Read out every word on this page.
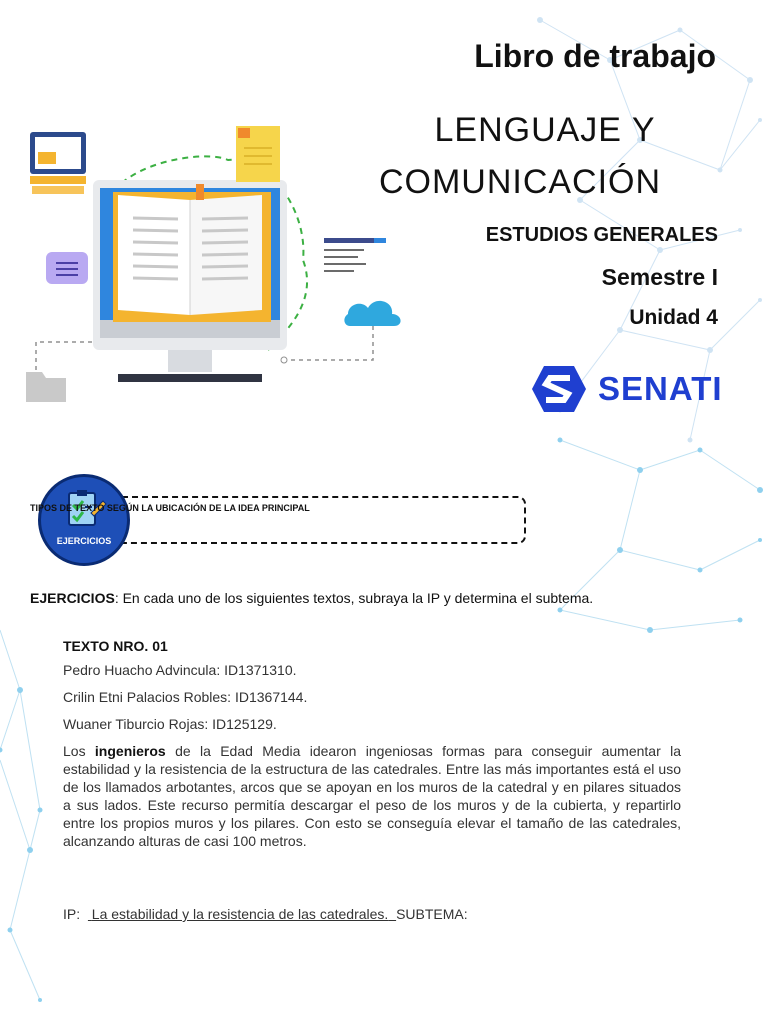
Libro de trabajo
LENGUAJE Y
COMUNICACIÓN
ESTUDIOS GENERALES
Semestre I
Unidad 4
SENATI
EJERCICIOS
TIPOS DE TEXTO SEGÚN LA UBICACIÓN DE LA IDEA PRINCIPAL
EJERCICIOS: En cada uno de los siguientes textos, subraya la IP y determina el subtema.
TEXTO NRO. 01
Pedro Huacho Advincula: ID1371310.
Crilin Etni Palacios Robles: ID1367144.
Wuaner Tiburcio Rojas: ID125129.
Los ingenieros de la Edad Media idearon ingeniosas formas para conseguir aumentar la estabilidad y la resistencia de la estructura de las catedrales. Entre las más importantes está el uso de los llamados arbotantes, arcos que se apoyan en los muros de la catedral y en pilares situados a sus lados. Este recurso permitía descargar el peso de los muros y de la cubierta, y repartirlo entre los propios muros y los pilares. Con esto se conseguía elevar el tamaño de las catedrales, alcanzando alturas de casi 100 metros.
IP: La estabilidad y la resistencia de las catedrales. SUBTEMA:
